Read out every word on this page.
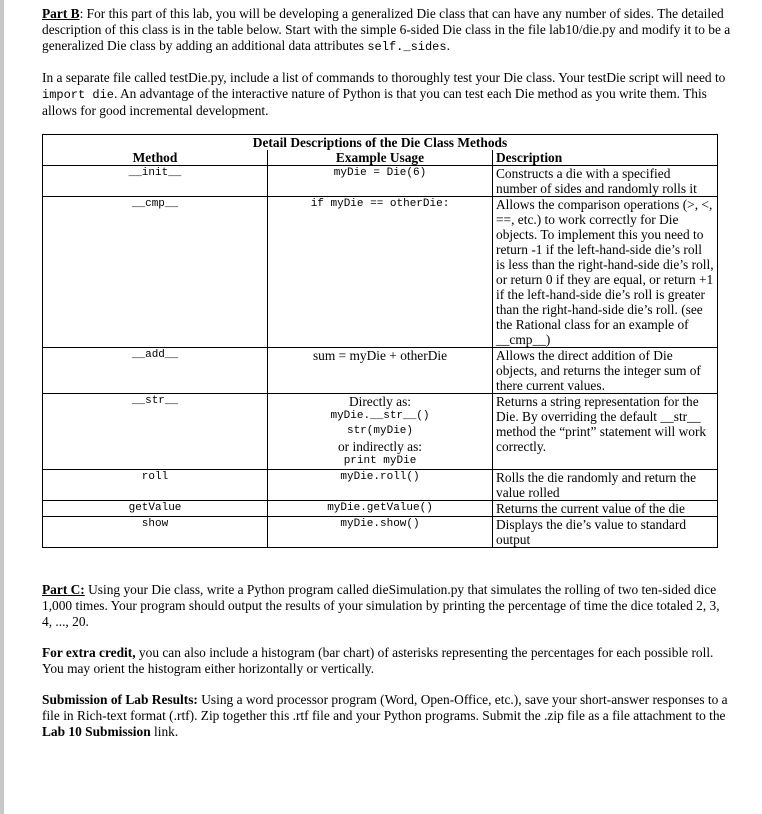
Part B: For this part of this lab, you will be developing a generalized Die class that can have any number of sides. The detailed description of this class is in the table below. Start with the simple 6-sided Die class in the file lab10/die.py and modify it to be a generalized Die class by adding an additional data attributes self._sides.

In a separate file called testDie.py, include a list of commands to thoroughly test your Die class. Your testDie script will need to import die. An advantage of the interactive nature of Python is that you can test each Die method as you write them. This allows for good incremental development.

Detail Descriptions of the Die Class Methods		
Method	Example Usage	Description
__init__	myDie = Die(6)	Constructs a die with a specified number of sides and randomly rolls it
__cmp__	if myDie == otherDie:	Allows the comparison operations (>, <, ==, etc.) to work correctly for Die objects. To implement this you need to return -1 if the left-hand-side die’s roll is less than the right-hand-side die’s roll, or return 0 if they are equal, or return +1 if the left-hand-side die’s roll is greater than the right-hand-side die’s roll. (see the Rational class for an example of __cmp__)
__add__	sum = myDie + otherDie	Allows the direct addition of Die objects, and returns the integer sum of there current values.
__str__	Directly as:
myDie.__str__()
str(myDie)
or indirectly as:
print myDie	Returns a string representation for the Die. By overriding the default __str__ method the “print” statement will work correctly.
roll	myDie.roll()	Rolls the die randomly and return the value rolled
getValue	myDie.getValue()	Returns the current value of the die
show	myDie.show()	Displays the die’s value to standard output

Part C: Using your Die class, write a Python program called dieSimulation.py that simulates the rolling of two ten-sided dice 1,000 times. Your program should output the results of your simulation by printing the percentage of time the dice totaled 2, 3, 4, ..., 20.

For extra credit, you can also include a histogram (bar chart) of asterisks representing the percentages for each possible roll. You may orient the histogram either horizontally or vertically.

Submission of Lab Results: Using a word processor program (Word, Open-Office, etc.), save your short-answer responses to a file in Rich-text format (.rtf). Zip together this .rtf file and your Python programs. Submit the .zip file as a file attachment to the Lab 10 Submission link.
